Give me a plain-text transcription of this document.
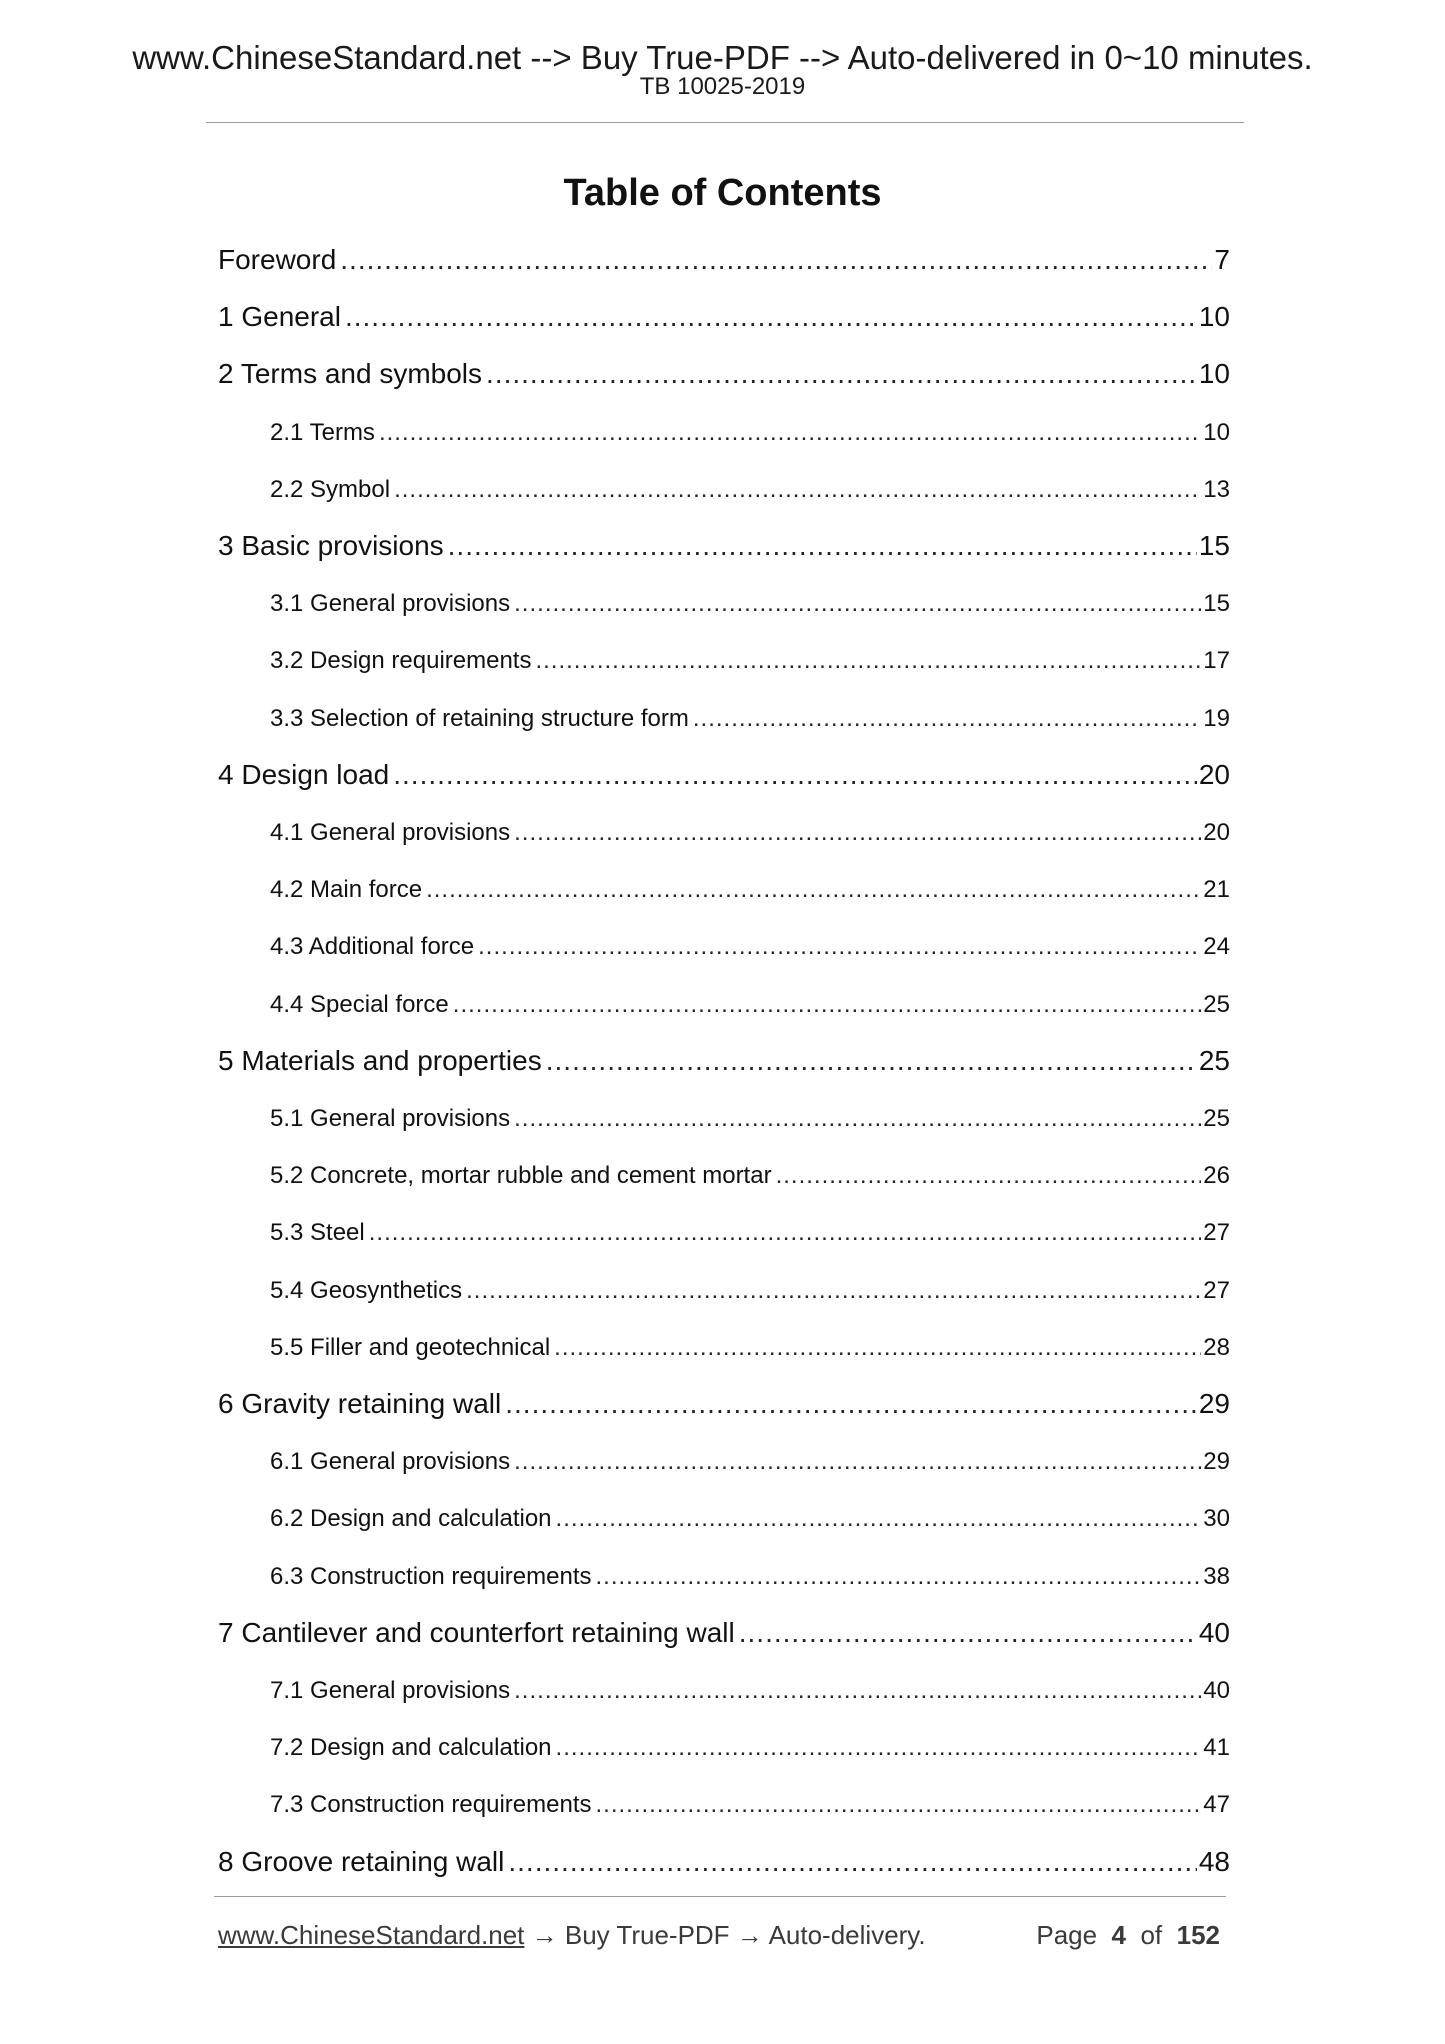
www.ChineseStandard.net --> Buy True-PDF --> Auto-delivered in 0~10 minutes.
TB 10025-2019
Table of Contents
Foreword .....	7
1 General .....	10
2 Terms and symbols .....	10
2.1 Terms .....	10
2.2 Symbol .....	13
3 Basic provisions .....	15
3.1 General provisions .....	15
3.2 Design requirements .....	17
3.3 Selection of retaining structure form .....	19
4 Design load .....	20
4.1 General provisions .....	20
4.2 Main force .....	21
4.3 Additional force .....	24
4.4 Special force .....	25
5 Materials and properties .....	25
5.1 General provisions .....	25
5.2 Concrete, mortar rubble and cement mortar .....	26
5.3 Steel .....	27
5.4 Geosynthetics .....	27
5.5 Filler and geotechnical .....	28
6 Gravity retaining wall .....	29
6.1 General provisions .....	29
6.2 Design and calculation .....	30
6.3 Construction requirements .....	38
7 Cantilever and counterfort retaining wall .....	40
7.1 General provisions .....	40
7.2 Design and calculation .....	41
7.3 Construction requirements .....	47
8 Groove retaining wall .....	48
www.ChineseStandard.net → Buy True-PDF → Auto-delivery.	Page 4 of 152
